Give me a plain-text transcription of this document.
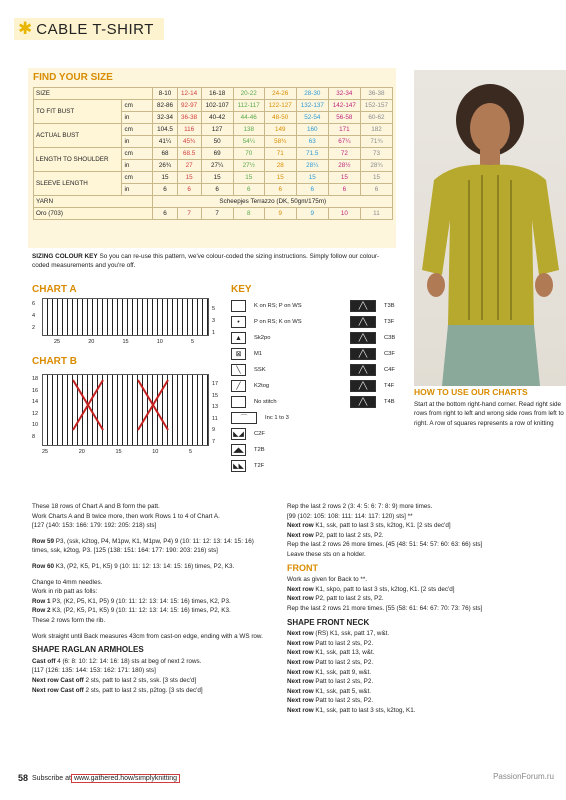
✱ CABLE T-SHIRT
FIND YOUR SIZE
SIZE		8-10	12-14	16-18	20-22	24-26	28-30	32-34	36-38
TO FIT BUST	cm	82-86	92-97	102-107	112-117	122-127	132-137	142-147	152-157
	in	32-34	36-38	40-42	44-46	48-50	52-54	56-58	60-62
ACTUAL BUST	cm	104.5	116	127	138	149	160	171	182
	in	41¼	45¾	50	54¼	58¾	63	67¼	71¾
LENGTH TO SHOULDER	cm	68	68.5	69	70	71	71.5	72	73
	in	26¾	27	27¼	27½	28	28¼	28½	28¾
SLEEVE LENGTH	cm	15	15	15	15	15	15	15	15
	in	6	6	6	6	6	6	6	6
YARN		Scheepjes Terrazzo (DK, 50gm/175m)							
Oro (703)		6	7	7	8	9	9	10	11
SIZING COLOUR KEY So you can re-use this pattern, we've colour-coded the sizing instructions. Simply follow our colour-coded measurements and you're off.
CHART A
6
4
2
5
3
1
25	20	15	10	5
CHART B
18
16
14
12
10
8
17
15
13
11
9
7
25	20	15	10	5
KEY
K on RS; P on WS
•	P on RS; K on WS
▲	Sk2po
⊠	M1
╲	SSK
╱	K2tog
No stitch
⌒	Inc 1 to 3
◣◢	C2F
◢◣	T2B
◣◣	T2F
╱╲	T3B
╱╲	T3F
╱╲	C3B
╱╲	C3F
╱╲	C4F
╱╲	T4F
╱╲	T4B
HOW TO USE OUR CHARTS
Start at the bottom right-hand corner. Read right side rows from right to left and wrong side rows from left to right. A row of squares represents a row of knitting
These 18 rows of Chart A and B form the patt.
Work Charts A and B twice more, then work Rows 1 to 4 of Chart A.

[127 (140: 153: 166: 179: 192: 205: 218) sts]

Row 59 P3, (ssk, k2tog, P4, M1pw, K1, M1pw, P4) 9 (10: 11: 12: 13: 14: 15: 16) times, ssk, k2tog, P3. [125 (138: 151: 164: 177: 190: 203: 216) sts]

Row 60 K3, (P2, K5, P1, K5) 9 (10: 11: 12: 13: 14: 15: 16) times, P2, K3.

Change to 4mm needles.
Work in rib patt as folls:
Row 1 P3, (K2, P5, K1, P5) 9 (10: 11: 12: 13: 14: 15: 16) times, K2, P3.
Row 2 K3, (P2, K5, P1, K5) 9 (10: 11: 12: 13: 14: 15: 16) times, P2, K3.

These 2 rows form the rib.

Work straight until Back measures 43cm from cast-on edge, ending with a WS row.
SHAPE RAGLAN ARMHOLES
Cast off 4 (6: 8: 10: 12: 14: 16: 18) sts at beg of next 2 rows.
[117 (126: 135: 144: 153: 162: 171: 180) sts]
Next row Cast off 2 sts, patt to last 2 sts, ssk. [3 sts dec'd]
Next row Cast off 2 sts, patt to last 2 sts, p2tog. [3 sts dec'd]
Rep the last 2 rows 2 (3: 4: 5: 6: 7: 8: 9) more times.
[99 (102: 105: 108: 111: 114: 117: 120) sts] **
Next row K1, ssk, patt to last 3 sts, k2tog, K1. [2 sts dec'd]
Next row P2, patt to last 2 sts, P2.
Rep the last 2 rows 26 more times. [45 (48: 51: 54: 57: 60: 63: 66) sts]
Leave these sts on a holder.
FRONT
Work as given for Back to **.
Next row K1, skpo, patt to last 3 sts, k2tog, K1. [2 sts dec'd]
Next row P2, patt to last 2 sts, P2.
Rep the last 2 rows 21 more times. [55 (58: 61: 64: 67: 70: 73: 76) sts]
SHAPE FRONT NECK
Next row (RS) K1, ssk, patt 17, w&t.
Next row Patt to last 2 sts, P2.
Next row K1, ssk, patt 13, w&t.
Next row Patt to last 2 sts, P2.
Next row K1, ssk, patt 9, w&t.
Next row Patt to last 2 sts, P2.
Next row K1, ssk, patt 5, w&t.
Next row Patt to last 2 sts, P2.
Next row K1, ssk, patt to last 3 sts, k2tog, K1.
58 Subscribe at www.gathered.how/simplyknitting	PassionForum.ru
